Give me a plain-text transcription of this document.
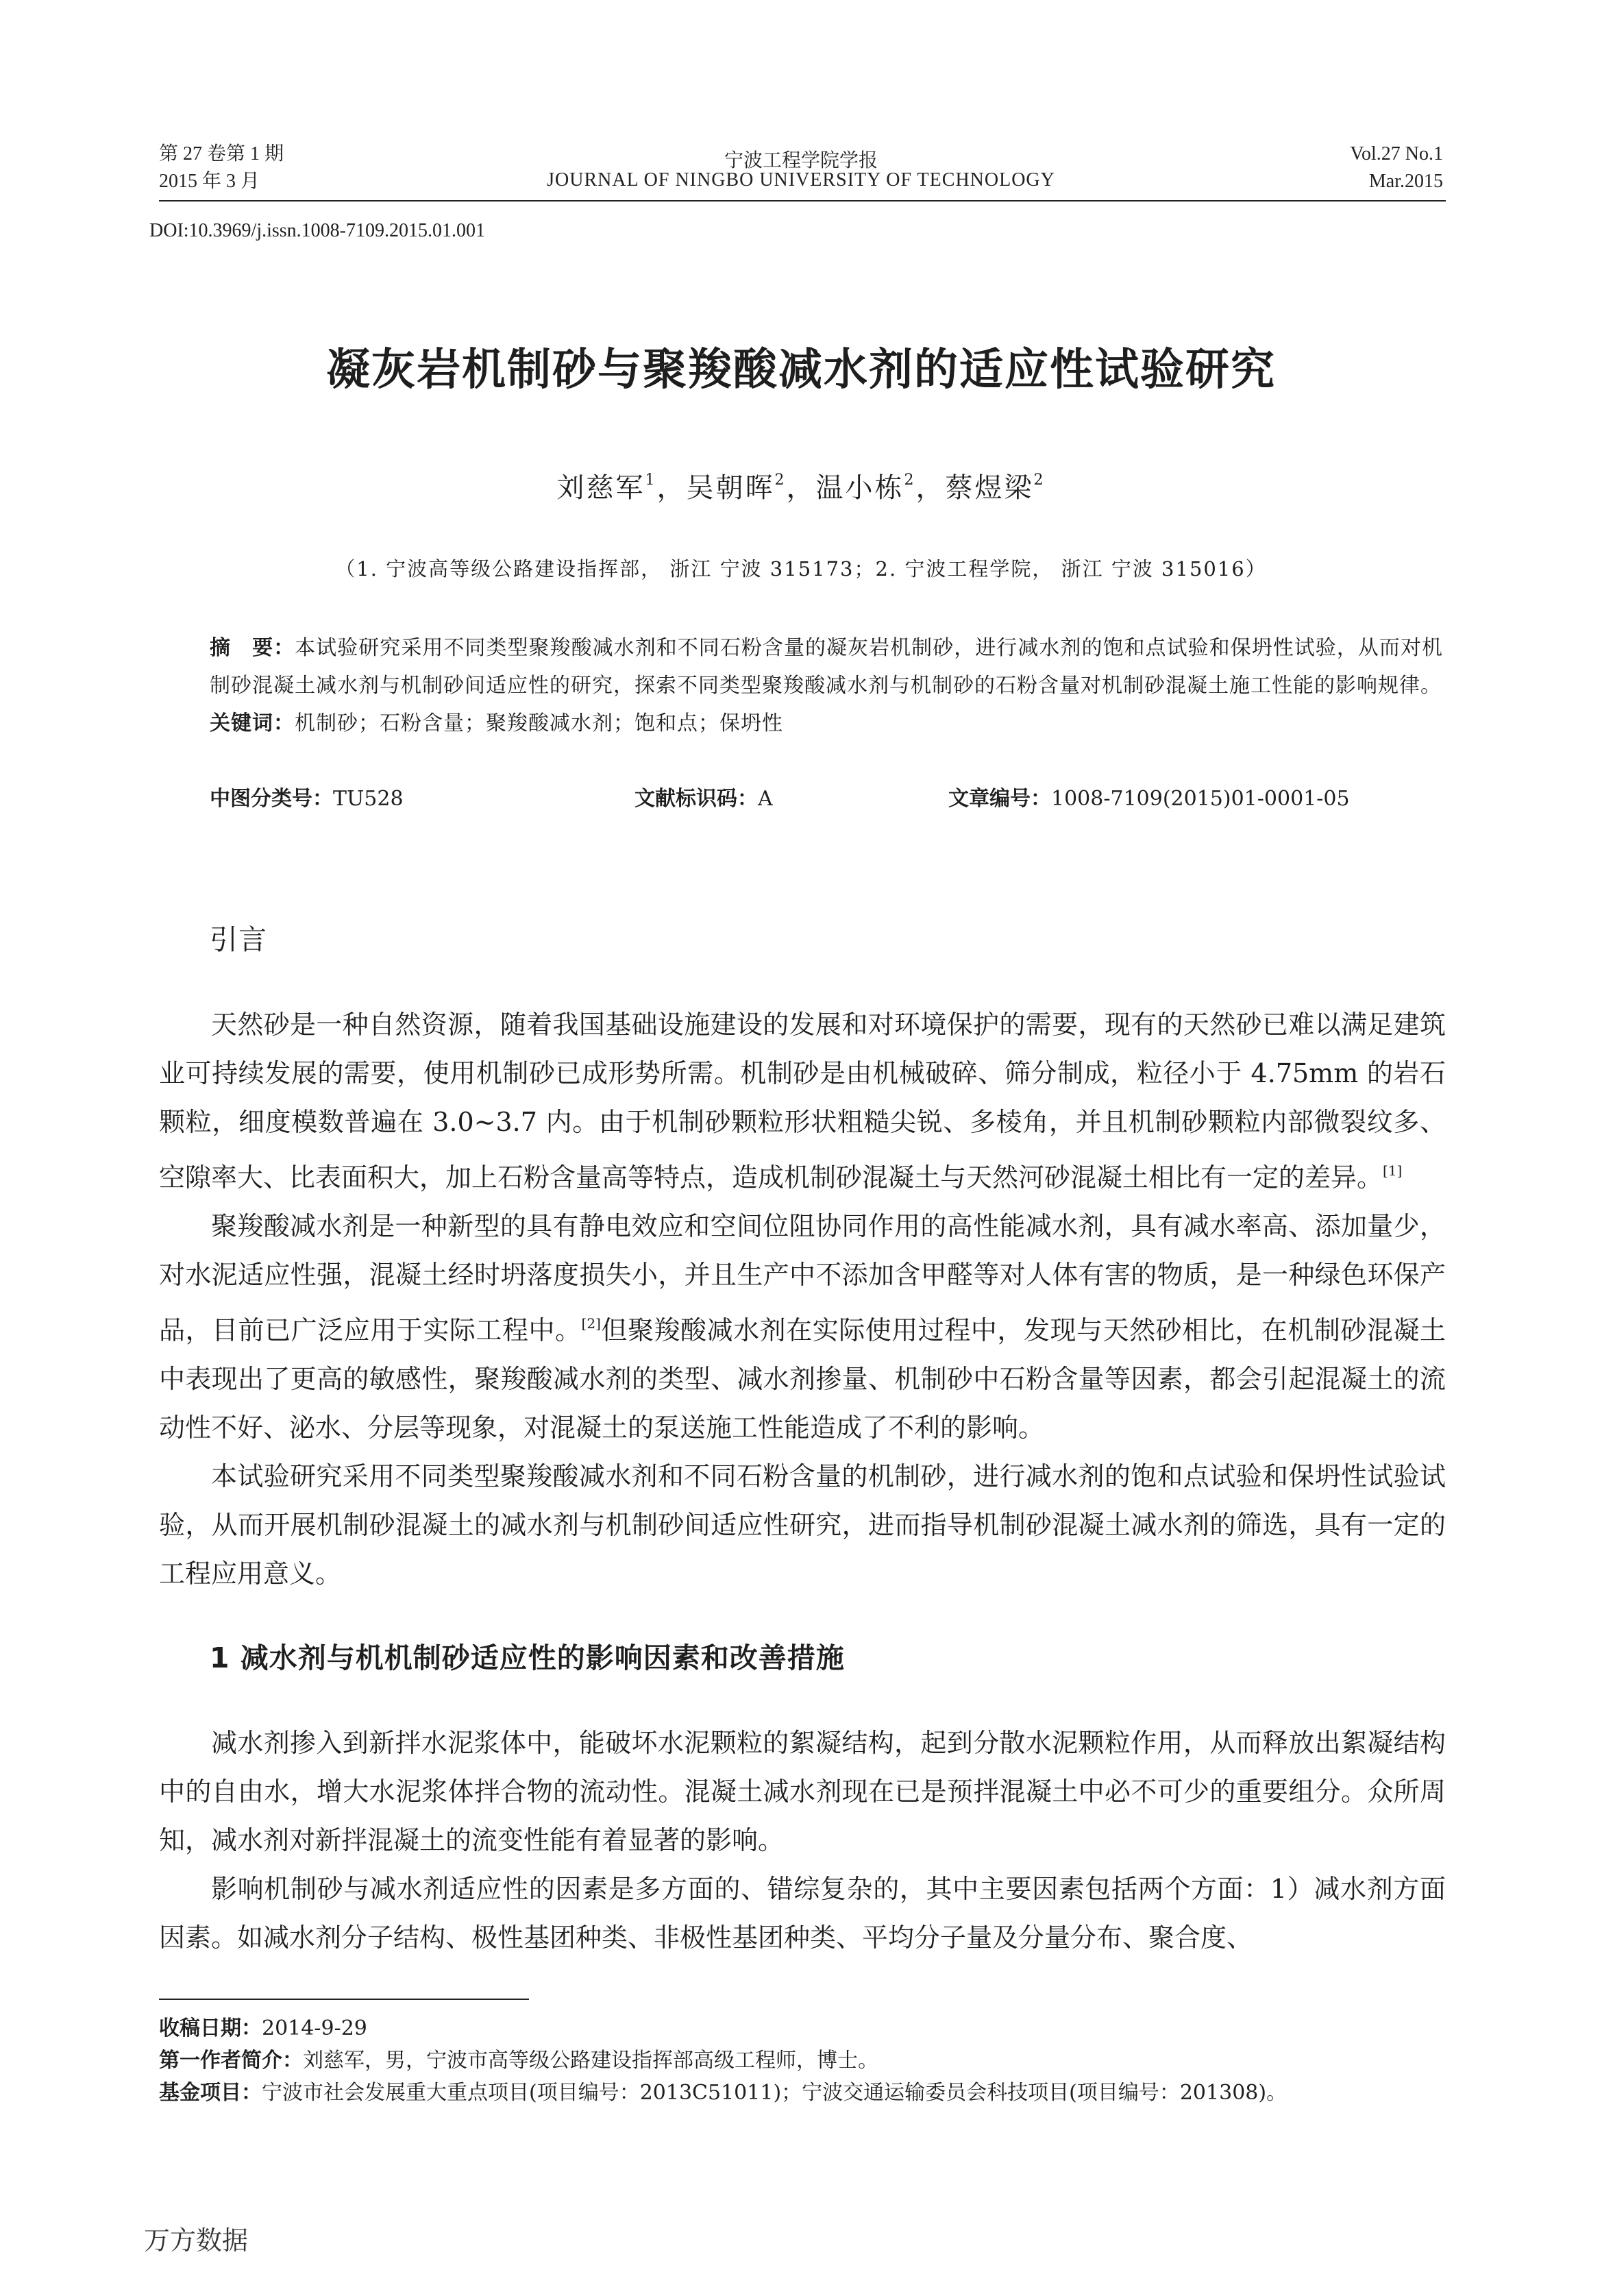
第 27 卷第 1 期
2015 年 3 月
宁波工程学院学报
JOURNAL OF NINGBO UNIVERSITY OF TECHNOLOGY
Vol.27 No.1
Mar.2015
DOI:10.3969/j.issn.1008-7109.2015.01.001
凝灰岩机制砂与聚羧酸减水剂的适应性试验研究
刘慈军$^1$，吴朝晖$^2$，温小栋$^2$，蔡煜梁$^2$
（1. 宁波高等级公路建设指挥部， 浙江 宁波 315173；2. 宁波工程学院， 浙江 宁波 315016）
摘　要：本试验研究采用不同类型聚羧酸减水剂和不同石粉含量的凝灰岩机制砂，进行减水剂的饱和点试验和保坍性试验，从而对机制砂混凝土减水剂与机制砂间适应性的研究，探索不同类型聚羧酸减水剂与机制砂的石粉含量对机制砂混凝土施工性能的影响规律。
关键词：机制砂；石粉含量；聚羧酸减水剂；饱和点；保坍性
中图分类号：TU528	文献标识码：A	文章编号：1008-7109(2015)01-0001-05
引言

天然砂是一种自然资源，随着我国基础设施建设的发展和对环境保护的需要，现有的天然砂已难以满足建筑业可持续发展的需要，使用机制砂已成形势所需。机制砂是由机械破碎、筛分制成，粒径小于 4.75mm 的岩石颗粒，细度模数普遍在 3.0~3.7 内。由于机制砂颗粒形状粗糙尖锐、多棱角，并且机制砂颗粒内部微裂纹多、空隙率大、比表面积大，加上石粉含量高等特点，造成机制砂混凝土与天然河砂混凝土相比有一定的差异。[1]

聚羧酸减水剂是一种新型的具有静电效应和空间位阻协同作用的高性能减水剂，具有减水率高、添加量少，对水泥适应性强，混凝土经时坍落度损失小，并且生产中不添加含甲醛等对人体有害的物质，是一种绿色环保产品，目前已广泛应用于实际工程中。[2]但聚羧酸减水剂在实际使用过程中，发现与天然砂相比，在机制砂混凝土中表现出了更高的敏感性，聚羧酸减水剂的类型、减水剂掺量、机制砂中石粉含量等因素，都会引起混凝土的流动性不好、泌水、分层等现象，对混凝土的泵送施工性能造成了不利的影响。

本试验研究采用不同类型聚羧酸减水剂和不同石粉含量的机制砂，进行减水剂的饱和点试验和保坍性试验试验，从而开展机制砂混凝土的减水剂与机制砂间适应性研究，进而指导机制砂混凝土减水剂的筛选，具有一定的工程应用意义。

1 减水剂与机机制砂适应性的影响因素和改善措施

减水剂掺入到新拌水泥浆体中，能破坏水泥颗粒的絮凝结构，起到分散水泥颗粒作用，从而释放出絮凝结构中的自由水，增大水泥浆体拌合物的流动性。混凝土减水剂现在已是预拌混凝土中必不可少的重要组分。众所周知，减水剂对新拌混凝土的流变性能有着显著的影响。

影响机制砂与减水剂适应性的因素是多方面的、错综复杂的，其中主要因素包括两个方面：1）减水剂方面因素。如减水剂分子结构、极性基团种类、非极性基团种类、平均分子量及分量分布、聚合度、

收稿日期：2014-9-29
第一作者简介：刘慈军，男，宁波市高等级公路建设指挥部高级工程师，博士。
基金项目：宁波市社会发展重大重点项目(项目编号：2013C51011)；宁波交通运输委员会科技项目(项目编号：201308)。
万方数据
